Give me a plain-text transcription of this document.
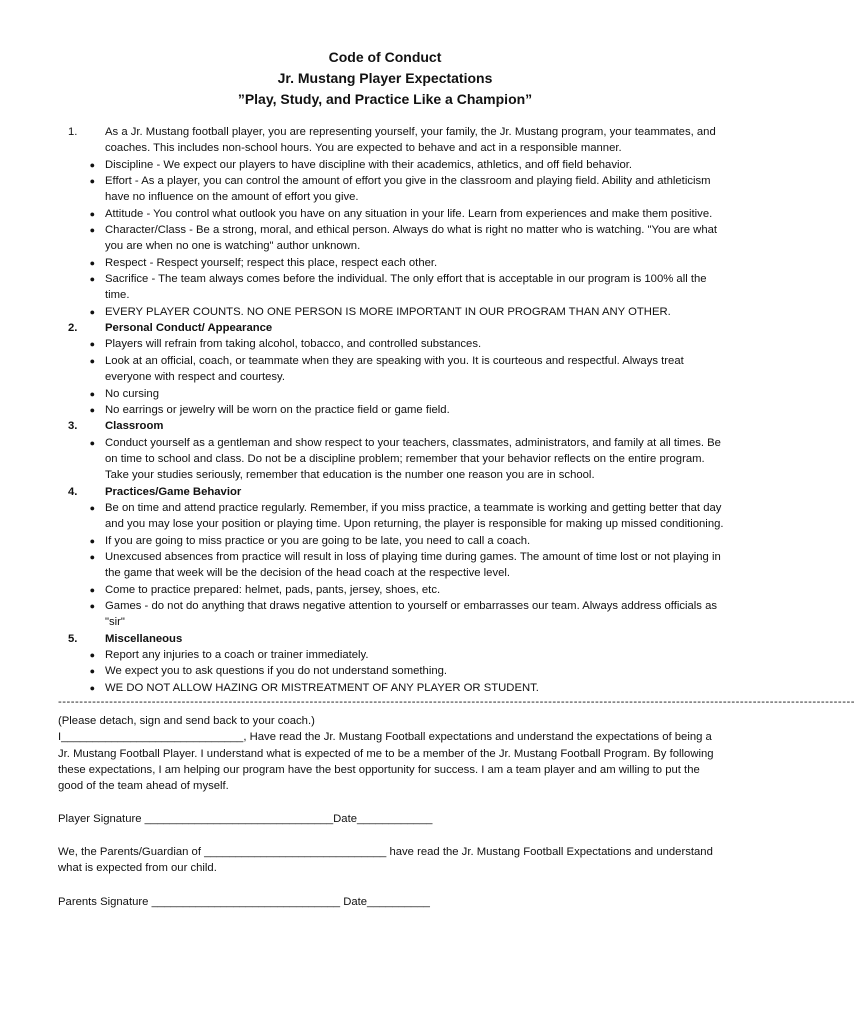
Code of Conduct
Jr. Mustang Player Expectations
”Play, Study, and Practice Like a Champion”
1.	As a Jr. Mustang football player, you are representing yourself, your family, the Jr. Mustang program, your teammates, and coaches. This includes non-school hours. You are expected to behave and act in a responsible manner.
● Discipline - We expect our players to have discipline with their academics, athletics, and off field behavior.
● Effort - As a player, you can control the amount of effort you give in the classroom and playing field. Ability and athleticism have no influence on the amount of effort you give.
● Attitude - You control what outlook you have on any situation in your life. Learn from experiences and make them positive.
● Character/Class - Be a strong, moral, and ethical person. Always do what is right no matter who is watching. "You are what you are when no one is watching" author unknown.
● Respect - Respect yourself; respect this place, respect each other.
● Sacrifice - The team always comes before the individual. The only effort that is acceptable in our program is 100% all the time.
● EVERY PLAYER COUNTS. NO ONE PERSON IS MORE IMPORTANT IN OUR PROGRAM THAN ANY OTHER.
2.	Personal Conduct/ Appearance
● Players will refrain from taking alcohol, tobacco, and controlled substances.
● Look at an official, coach, or teammate when they are speaking with you. It is courteous and respectful. Always treat everyone with respect and courtesy.
● No cursing
● No earrings or jewelry will be worn on the practice field or game field.
3.	Classroom
● Conduct yourself as a gentleman and show respect to your teachers, classmates, administrators, and family at all times. Be on time to school and class. Do not be a discipline problem; remember that your behavior reflects on the entire program. Take your studies seriously, remember that education is the number one reason you are in school.
4.	Practices/Game Behavior
● Be on time and attend practice regularly. Remember, if you miss practice, a teammate is working and getting better that day and you may lose your position or playing time. Upon returning, the player is responsible for making up missed conditioning.
● If you are going to miss practice or you are going to be late, you need to call a coach.
● Unexcused absences from practice will result in loss of playing time during games. The amount of time lost or not playing in the game that week will be the decision of the head coach at the respective level.
● Come to practice prepared: helmet, pads, pants, jersey, shoes, etc.
● Games - do not do anything that draws negative attention to yourself or embarrasses our team. Always address officials as "sir"
5.	Miscellaneous
● Report any injuries to a coach or trainer immediately.
● We expect you to ask questions if you do not understand something.
● WE DO NOT ALLOW HAZING OR MISTREATMENT OF ANY PLAYER OR STUDENT.
-------------------------------------------------------------------------------------------------------------------------------------------------------------------------------------------
(Please detach, sign and send back to your coach.)

I_____________________________, Have read the Jr. Mustang Football expectations and understand the expectations of being a Jr. Mustang Football Player. I understand what is expected of me to be a member of the Jr. Mustang Football Program. By following these expectations, I am helping our program have the best opportunity for success. I am a team player and am willing to put the good of the team ahead of myself.

Player Signature ______________________________Date____________

We, the Parents/Guardian of _____________________________ have read the Jr. Mustang Football Expectations and understand what is expected from our child.

Parents Signature ______________________________ Date__________
